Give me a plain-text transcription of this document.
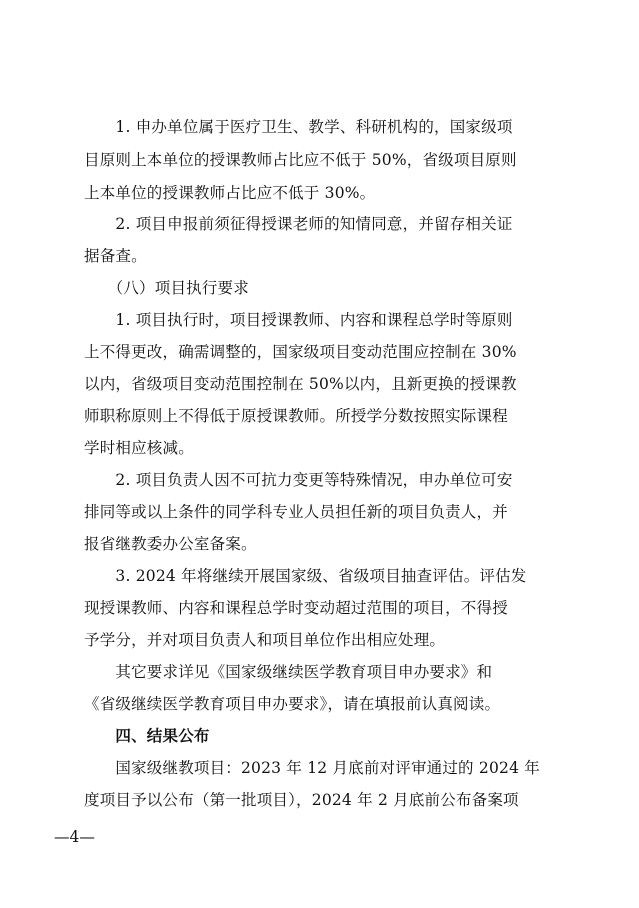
　　1. 申办单位属于医疗卫生、教学、科研机构的，国家级项
目原则上本单位的授课教师占比应不低于 50%，省级项目原则
上本单位的授课教师占比应不低于 30%。
　　2. 项目申报前须征得授课老师的知情同意，并留存相关证
据备查。
　　（八）项目执行要求
　　1. 项目执行时，项目授课教师、内容和课程总学时等原则
上不得更改，确需调整的，国家级项目变动范围应控制在 30%
以内，省级项目变动范围控制在 50%以内，且新更换的授课教
师职称原则上不得低于原授课教师。所授学分数按照实际课程
学时相应核减。
　　2. 项目负责人因不可抗力变更等特殊情况，申办单位可安
排同等或以上条件的同学科专业人员担任新的项目负责人，并
报省继教委办公室备案。
　　3. 2024 年将继续开展国家级、省级项目抽查评估。评估发
现授课教师、内容和课程总学时变动超过范围的项目，不得授
予学分，并对项目负责人和项目单位作出相应处理。
　　其它要求详见《国家级继续医学教育项目申办要求》和
《省级继续医学教育项目申办要求》，请在填报前认真阅读。
　　四、结果公布
　　国家级继教项目：2023 年 12 月底前对评审通过的 2024 年
度项目予以公布（第一批项目），2024 年 2 月底前公布备案项
—4—
